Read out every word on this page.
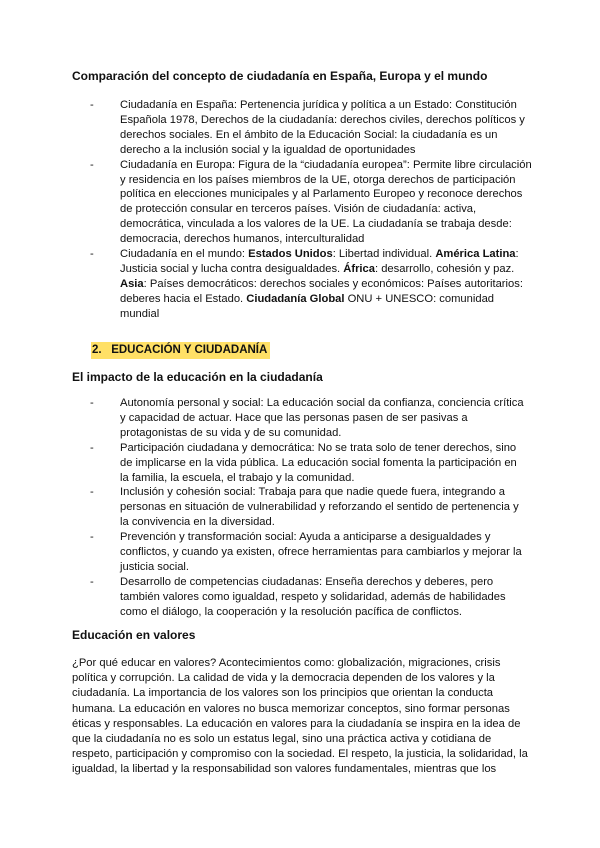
Comparación del concepto de ciudadanía en España, Europa y el mundo
- Ciudadanía en España: Pertenencia jurídica y política a un Estado: Constitución Española 1978, Derechos de la ciudadanía: derechos civiles, derechos políticos y derechos sociales. En el ámbito de la Educación Social: la ciudadanía es un derecho a la inclusión social y la igualdad de oportunidades
- Ciudadanía en Europa: Figura de la “ciudadanía europea”: Permite libre circulación y residencia en los países miembros de la UE, otorga derechos de participación política en elecciones municipales y al Parlamento Europeo y reconoce derechos de protección consular en terceros países. Visión de ciudadanía: activa, democrática, vinculada a los valores de la UE. La ciudadanía se trabaja desde: democracia, derechos humanos, interculturalidad
- Ciudadanía en el mundo: Estados Unidos: Libertad individual. América Latina: Justicia social y lucha contra desigualdades. África: desarrollo, cohesión y paz. Asia: Países democráticos: derechos sociales y económicos: Países autoritarios: deberes hacia el Estado. Ciudadanía Global ONU + UNESCO: comunidad mundial
2. EDUCACIÓN Y CIUDADANÍA
El impacto de la educación en la ciudadanía
- Autonomía personal y social: La educación social da confianza, conciencia crítica y capacidad de actuar. Hace que las personas pasen de ser pasivas a protagonistas de su vida y de su comunidad.
- Participación ciudadana y democrática: No se trata solo de tener derechos, sino de implicarse en la vida pública. La educación social fomenta la participación en la familia, la escuela, el trabajo y la comunidad.
- Inclusión y cohesión social: Trabaja para que nadie quede fuera, integrando a personas en situación de vulnerabilidad y reforzando el sentido de pertenencia y la convivencia en la diversidad.
- Prevención y transformación social: Ayuda a anticiparse a desigualdades y conflictos, y cuando ya existen, ofrece herramientas para cambiarlos y mejorar la justicia social.
- Desarrollo de competencias ciudadanas: Enseña derechos y deberes, pero también valores como igualdad, respeto y solidaridad, además de habilidades como el diálogo, la cooperación y la resolución pacífica de conflictos.
Educación en valores
¿Por qué educar en valores? Acontecimientos como: globalización, migraciones, crisis política y corrupción. La calidad de vida y la democracia dependen de los valores y la ciudadanía. La importancia de los valores son los principios que orientan la conducta humana. La educación en valores no busca memorizar conceptos, sino formar personas éticas y responsables. La educación en valores para la ciudadanía se inspira en la idea de que la ciudadanía no es solo un estatus legal, sino una práctica activa y cotidiana de respeto, participación y compromiso con la sociedad. El respeto, la justicia, la solidaridad, la igualdad, la libertad y la responsabilidad son valores fundamentales, mientras que los
